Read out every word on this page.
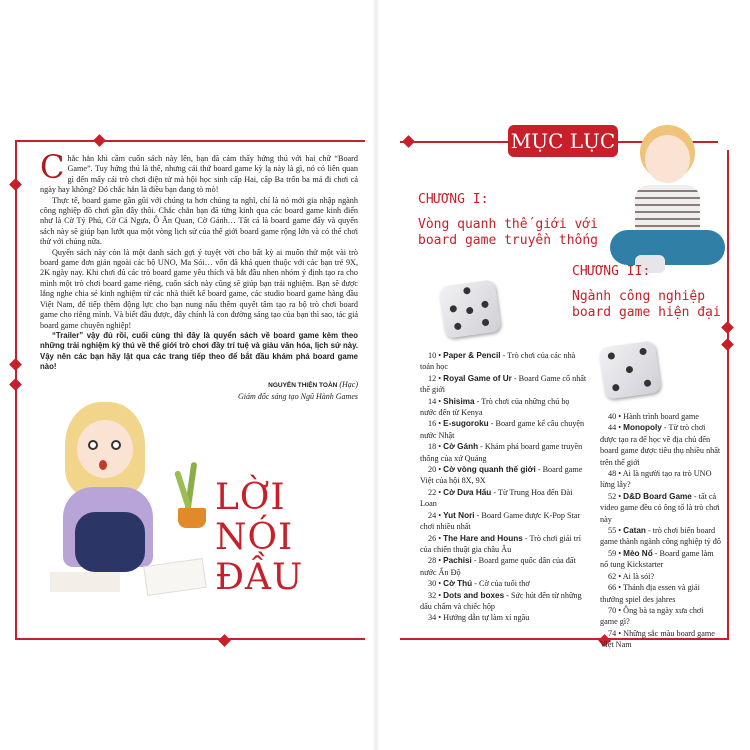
Chắc hẳn khi cầm cuốn sách này lên, bạn đã cảm thấy hứng thú với hai chữ “Board Game”. Tuy hứng thú là thế, nhưng cái thứ board game kỳ lạ này là gì, nó có liên quan gì đến mấy cái trò chơi điện tử mà hội học sinh cấp Hai, cấp Ba trốn ba má đi chơi cả ngày hay không? Đó chắc hẳn là điều bạn đang tò mò!

Thực tế, board game gần gũi với chúng ta hơn chúng ta nghĩ, chỉ là nó mới gia nhập ngành công nghiệp đồ chơi gần đây thôi. Chắc chắn bạn đã từng kinh qua các board game kinh điển như là Cờ Tỷ Phú, Cờ Cá Ngựa, Ô Ăn Quan, Cờ Gánh… Tất cả là board game đấy và quyển sách này sẽ giúp bạn lướt qua một vòng lịch sử của thế giới board game rộng lớn và có thể chơi thử với chúng nữa.

Quyển sách này còn là một danh sách gợi ý tuyệt vời cho bất kỳ ai muốn thử một vài trò board game đơn giản ngoài các bộ UNO, Ma Sói… vốn đã khá quen thuộc với các bạn trẻ 9X, 2K ngày nay. Khi chơi đủ các trò board game yêu thích và bắt đầu nhen nhóm ý định tạo ra cho mình một trò chơi board game riêng, cuốn sách này cũng sẽ giúp bạn trải nghiệm. Bạn sẽ được lắng nghe chia sẻ kinh nghiệm từ các nhà thiết kế board game, các studio board game hàng đầu Việt Nam, để tiếp thêm động lực cho bạn nung nấu thêm quyết tâm tạo ra bộ trò chơi board game cho riêng mình. Và biết đâu được, đây chính là con đường sáng tạo của bạn thì sao, tác giả board game chuyên nghiệp!

“Trailer” vậy đủ rồi, cuối cùng thì đây là quyển sách về board game kèm theo những trải nghiệm kỳ thú về thế giới trò chơi đầy trí tuệ và giàu văn hóa, lịch sử này. Vậy nên các bạn hãy lật qua các trang tiếp theo để bắt đầu khám phá board game nào!

NGUYỄN THIỆN TOÀN (Hạc)
Giám đốc sáng tạo Ngũ Hành Games
LỜI NÓI ĐẦU
MỤC LỤC
CHƯƠNG I:
Vòng quanh thế giới với board game truyền thống
CHƯƠNG II:
Ngành công nghiệp board game hiện đại
10 • Paper & Pencil - Trò chơi của các nhà toán học
12 • Royal Game of Ur - Board Game cổ nhất thế giới
14 • Shisima - Trò chơi của những chú bọ nước đến từ Kenya
16 • E-sugoroku - Board game kể câu chuyện nước Nhật
18 • Cờ Gánh - Khám phá board game truyền thống của xứ Quảng
20 • Cờ vòng quanh thế giới - Board game Việt của hội 8X, 9X
22 • Cờ Dưa Hấu - Từ Trung Hoa đến Đài Loan
24 • Yut Nori - Board Game được K-Pop Star chơi nhiều nhất
26 • The Hare and Houns - Trò chơi giải trí của chiến thuật gia châu Âu
28 • Pachisi - Board game quốc dân của đất nước Ấn Độ
30 • Cờ Thú - Cờ của tuổi thơ
32 • Dots and boxes - Sức hút đến từ những dấu chấm và chiếc hộp
34 • Hướng dẫn tự làm xí ngầu
40 • Hành trình board game
44 • Monopoly - Từ trò chơi được tạo ra để học về địa chủ đến board game được tiêu thụ nhiều nhất trên thế giới
48 • Ai là người tạo ra trò UNO lừng lẫy?
52 • D&D Board Game - tất cả video game đều có ông tổ là trò chơi này
55 • Catan - trò chơi biến board game thành ngành công nghiệp tỷ đô
59 • Mèo Nổ - Board game làm nổ tung Kickstarter
62 • Ai là sói?
66 • Thánh địa essen và giải thưởng spiel des jahres
70 • Ông bà ta ngày xưa chơi game gì?
74 • Những sắc màu board game Việt Nam
